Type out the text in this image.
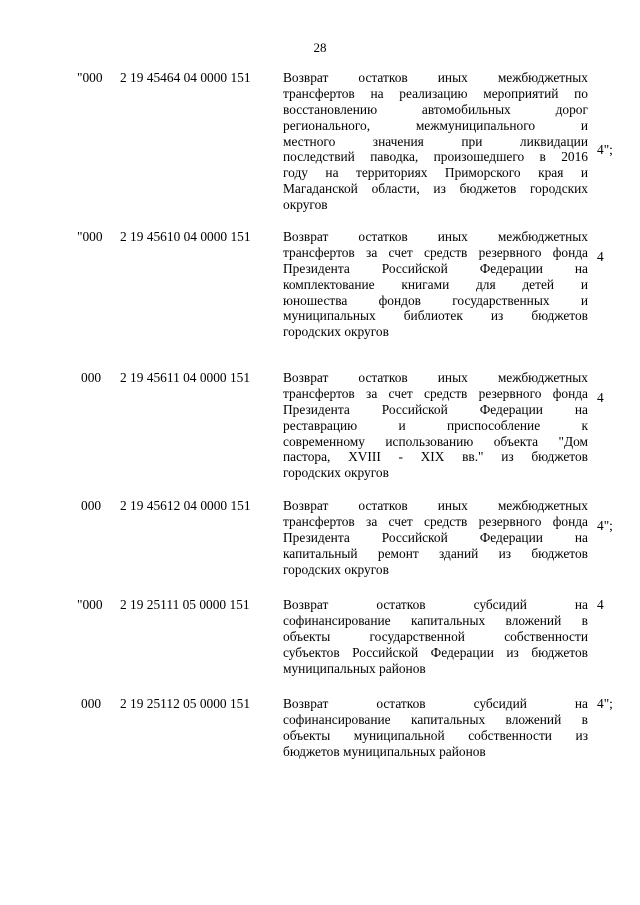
28
"000 2 19 45464 04 0000 151 Возврат остатков иных межбюджетных
трансфертов на реализацию мероприятий по
восстановлению автомобильных дорог
регионального, межмуниципального и
местного значения при ликвидации
последствий паводка, произошедшего в 2016
году на территориях Приморского края и
Магаданской области, из бюджетов городских
округов
4";
"000 2 19 45610 04 0000 151 Возврат остатков иных межбюджетных
трансфертов за счет средств резервного фонда
Президента Российской Федерации на
комплектование книгами для детей и
юношества фондов государственных и
муниципальных библиотек из бюджетов
городских округов
4
000 2 19 45611 04 0000 151 Возврат остатков иных межбюджетных
трансфертов за счет средств резервного фонда
Президента Российской Федерации на
реставрацию и приспособление к
современному использованию объекта "Дом
пастора, XVIII - XIX вв." из бюджетов
городских округов
4
000 2 19 45612 04 0000 151 Возврат остатков иных межбюджетных
трансфертов за счет средств резервного фонда
Президента Российской Федерации на
капитальный ремонт зданий из бюджетов
городских округов
4";
"000 2 19 25111 05 0000 151 Возврат остатков субсидий на
софинансирование капитальных вложений в
объекты государственной собственности
субъектов Российской Федерации из бюджетов
муниципальных районов
4
000 2 19 25112 05 0000 151 Возврат остатков субсидий на
софинансирование капитальных вложений в
объекты муниципальной собственности из
бюджетов муниципальных районов
4";
